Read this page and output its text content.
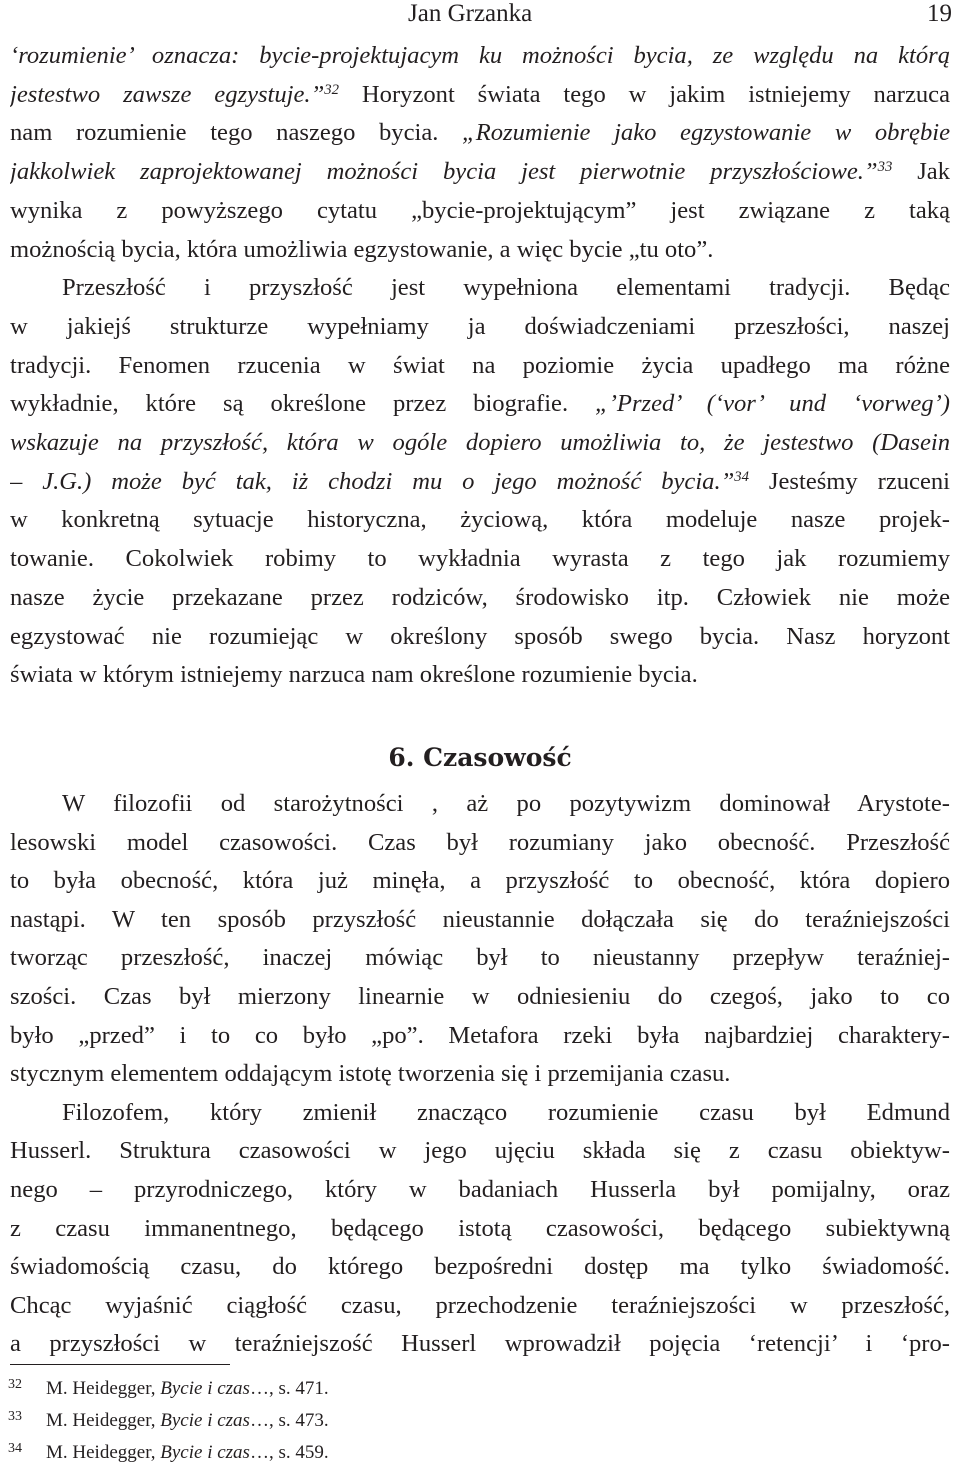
Jan Grzanka	19
‘rozumienie’ oznacza: bycie-projektujacym ku możności bycia, ze względu na którą
jestestwo zawsze egzystuje.”$^{32}$ Horyzont świata tego w jakim istniejemy narzuca
nam rozumienie tego naszego bycia. „Rozumienie jako egzystowanie w obrębie
jakkolwiek zaprojektowanej możności bycia jest pierwotnie przyszłościowe.”$^{33}$ Jak
wynika z powyższego cytatu „bycie-projektującym” jest związane z taką
możnością bycia, która umożliwia egzystowanie, a więc bycie „tu oto”.
Przeszłość i przyszłość jest wypełniona elementami tradycji. Będąc
w jakiejś strukturze wypełniamy ja doświadczeniami przeszłości, naszej
tradycji. Fenomen rzucenia w świat na poziomie życia upadłego ma różne
wykładnie, które są określone przez biografie. „’Przed’ (‘vor’ und ‘vorweg’)
wskazuje na przyszłość, która w ogóle dopiero umożliwia to, że jestestwo (Dasein
– J.G.) może być tak, iż chodzi mu o jego możność bycia.”$^{34}$ Jesteśmy rzuceni
w konkretną sytuacje historyczna, życiową, która modeluje nasze projek-
towanie. Cokolwiek robimy to wykładnia wyrasta z tego jak rozumiemy
nasze życie przekazane przez rodziców, środowisko itp. Człowiek nie może
egzystować nie rozumiejąc w określony sposób swego bycia. Nasz horyzont
świata w którym istniejemy narzuca nam określone rozumienie bycia.
6. Czasowość
W filozofii od starożytności , aż po pozytywizm dominował Arystote-
lesowski model czasowości. Czas był rozumiany jako obecność. Przeszłość
to była obecność, która już minęła, a przyszłość to obecność, która dopiero
nastąpi. W ten sposób przyszłość nieustannie dołączała się do teraźniejszości
tworząc przeszłość, inaczej mówiąc był to nieustanny przepływ teraźniej-
szości. Czas był mierzony linearnie w odniesieniu do czegoś, jako to co
było „przed” i to co było „po”. Metafora rzeki była najbardziej charaktery-
stycznym elementem oddającym istotę tworzenia się i przemijania czasu.
Filozofem, który zmienił znacząco rozumienie czasu był Edmund
Husserl. Struktura czasowości w jego ujęciu składa się z czasu obiektyw-
nego – przyrodniczego, który w badaniach Husserla był pomijalny, oraz
z czasu immanentnego, będącego istotą czasowości, będącego subiektywną
świadomością czasu, do którego bezpośredni dostęp ma tylko świadomość.
Chcąc wyjaśnić ciągłość czasu, przechodzenie teraźniejszości w przeszłość,
a przyszłości w teraźniejszość Husserl wprowadził pojęcia ‘retencji’ i ‘pro-
32 M. Heidegger, Bycie i czas…, s. 471.
33 M. Heidegger, Bycie i czas…, s. 473.
34 M. Heidegger, Bycie i czas…, s. 459.
